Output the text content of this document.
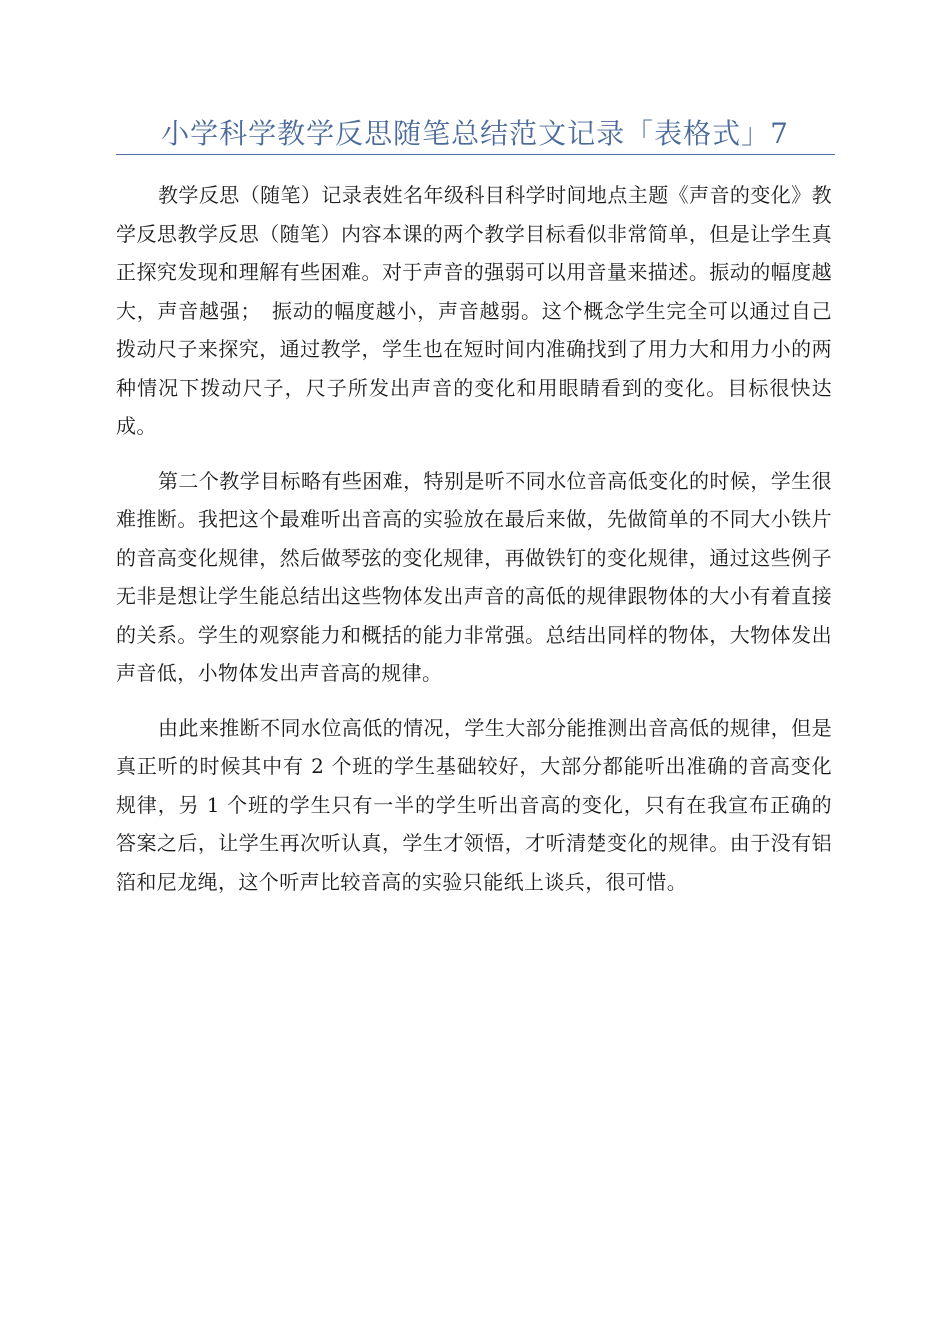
小学科学教学反思随笔总结范文记录「表格式」7

教学反思（随笔）记录表姓名年级科目科学时间地点主题《声音的变化》教学反思教学反思（随笔）内容本课的两个教学目标看似非常简单，但是让学生真正探究发现和理解有些困难。对于声音的强弱可以用音量来描述。振动的幅度越大，声音越强；　振动的幅度越小，声音越弱。这个概念学生完全可以通过自己拨动尺子来探究，通过教学，学生也在短时间内准确找到了用力大和用力小的两种情况下拨动尺子，尺子所发出声音的变化和用眼睛看到的变化。目标很快达成。

第二个教学目标略有些困难，特别是听不同水位音高低变化的时候，学生很难推断。我把这个最难听出音高的实验放在最后来做，先做简单的不同大小铁片的音高变化规律，然后做琴弦的变化规律，再做铁钉的变化规律，通过这些例子无非是想让学生能总结出这些物体发出声音的高低的规律跟物体的大小有着直接的关系。学生的观察能力和概括的能力非常强。总结出同样的物体，大物体发出声音低，小物体发出声音高的规律。

由此来推断不同水位高低的情况，学生大部分能推测出音高低的规律，但是真正听的时候其中有 2 个班的学生基础较好，大部分都能听出准确的音高变化规律，另 1 个班的学生只有一半的学生听出音高的变化，只有在我宣布正确的答案之后，让学生再次听认真，学生才领悟，才听清楚变化的规律。由于没有铝箔和尼龙绳，这个听声比较音高的实验只能纸上谈兵，很可惜。
